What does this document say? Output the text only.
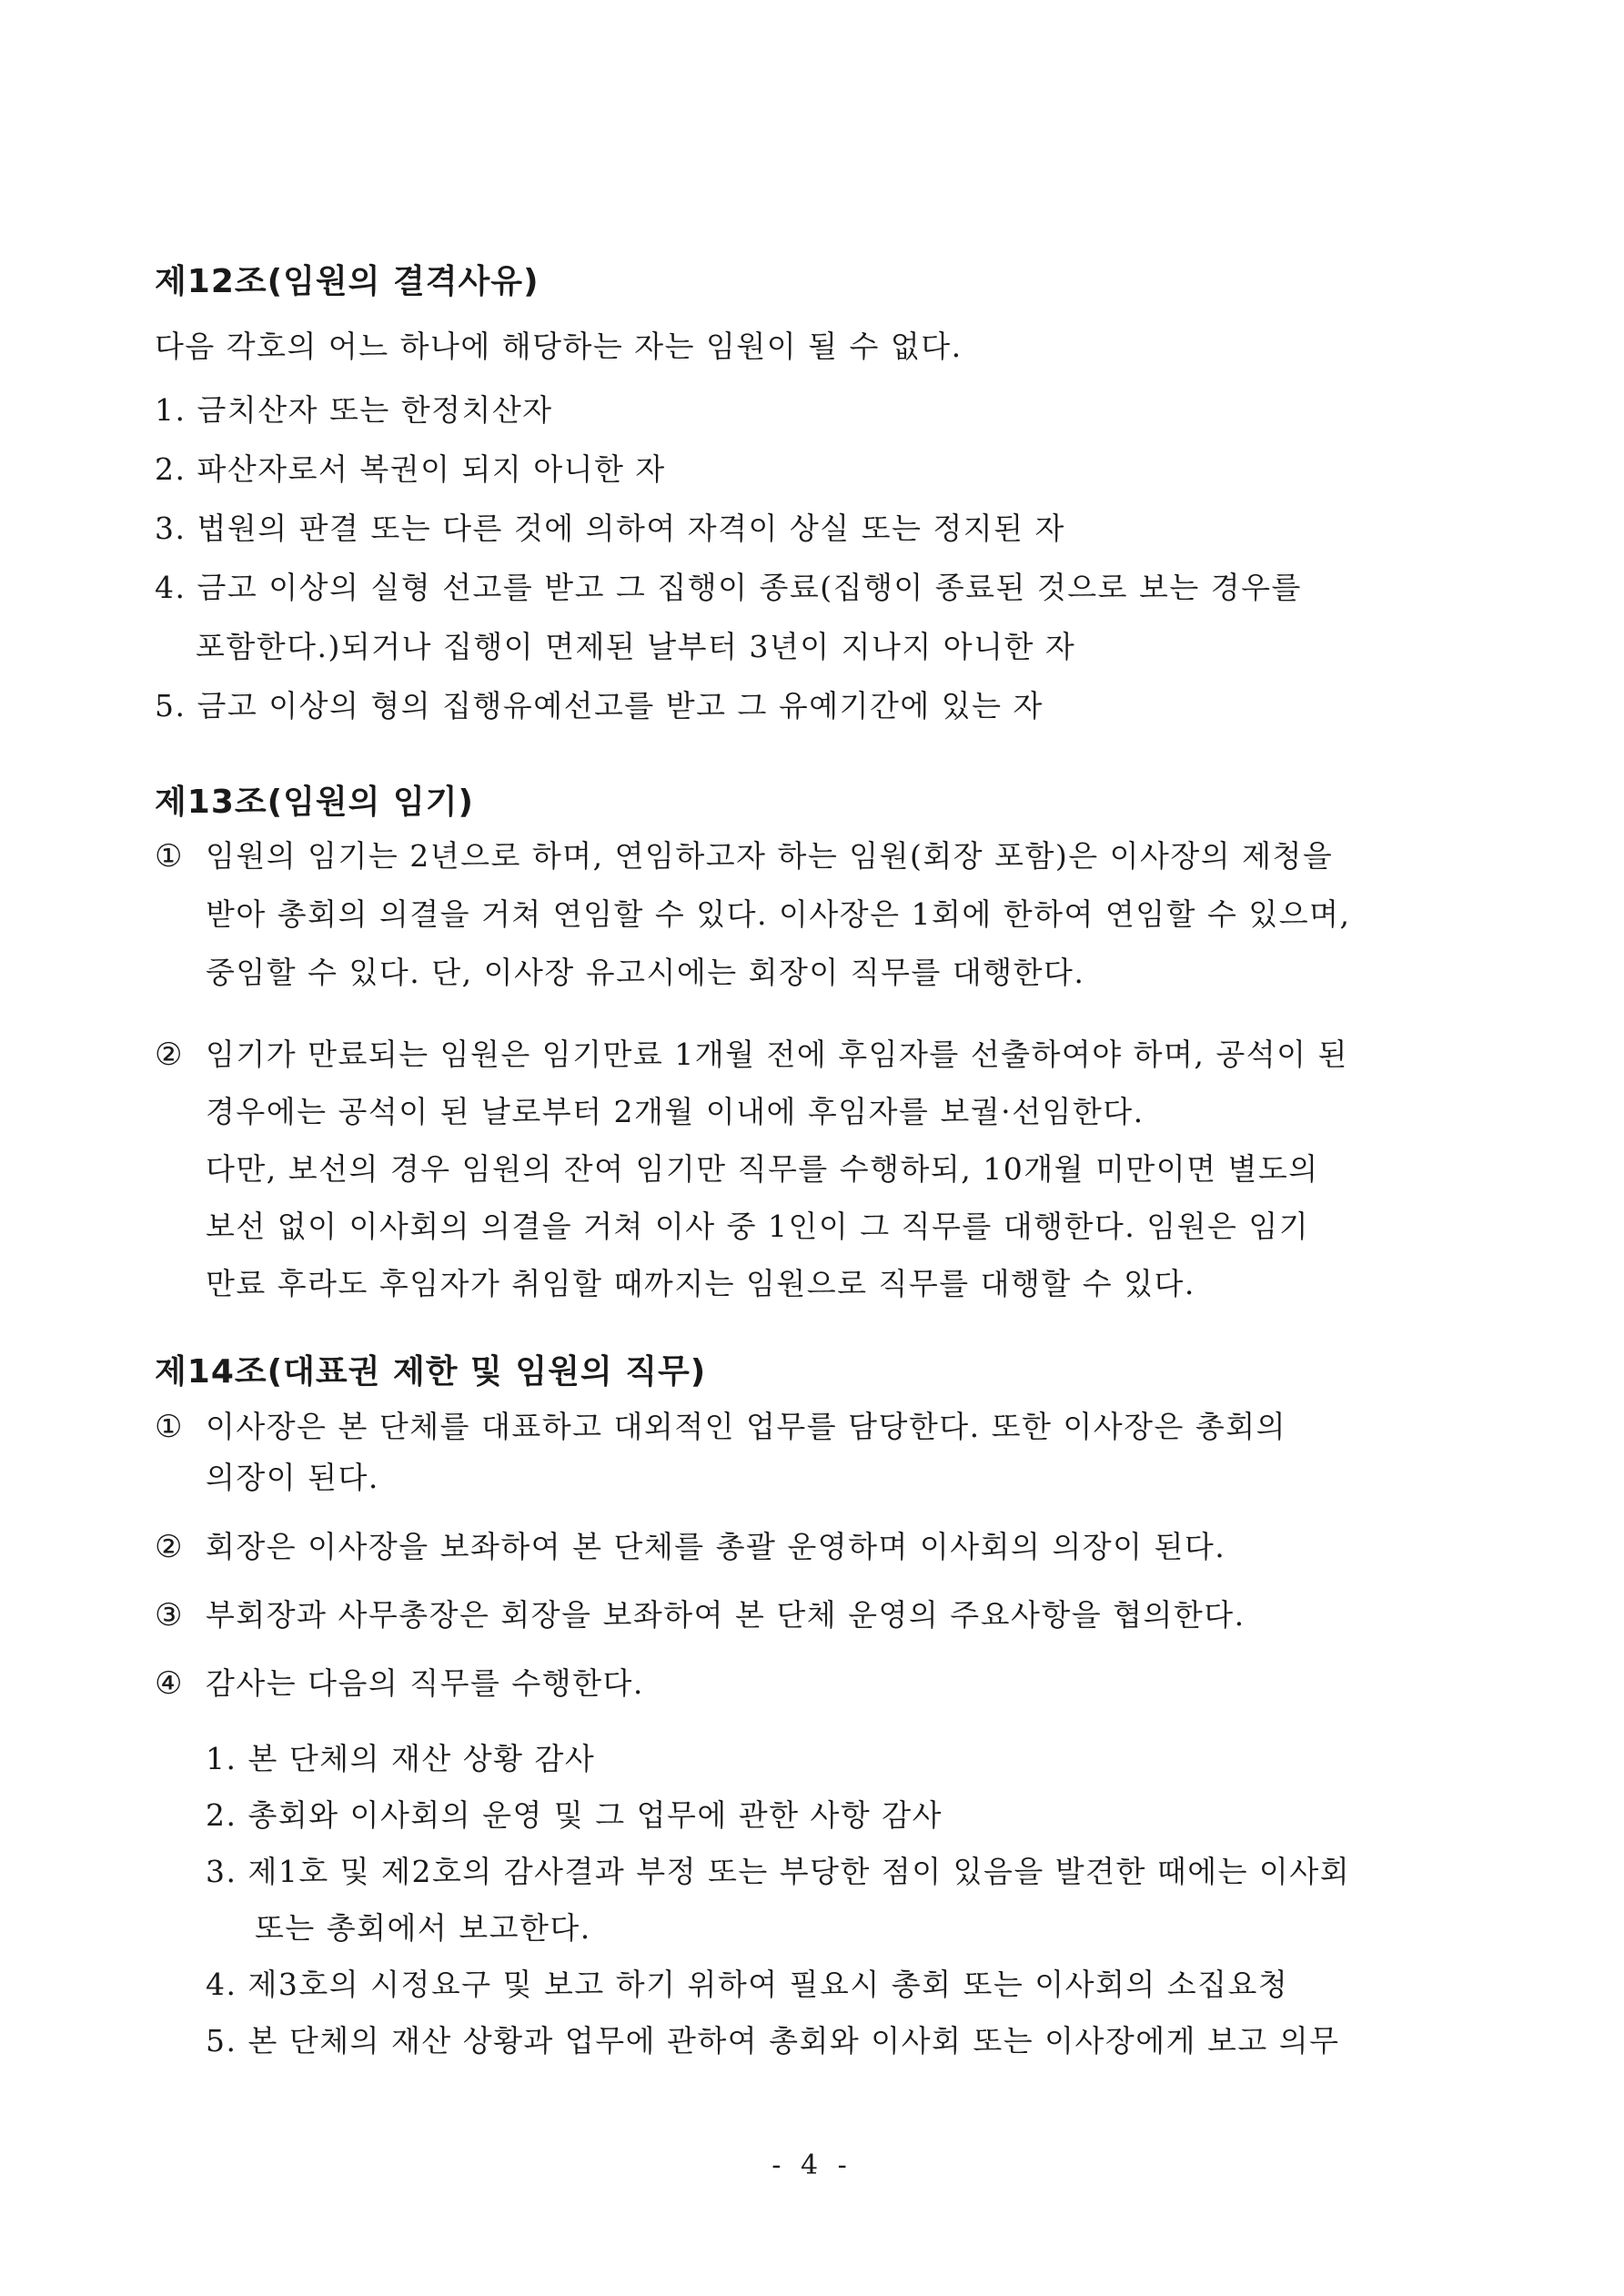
제12조(임원의 결격사유)
다음 각호의 어느 하나에 해당하는 자는 임원이 될 수 없다.
1. 금치산자 또는 한정치산자
2. 파산자로서 복권이 되지 아니한 자
3. 법원의 판결 또는 다른 것에 의하여 자격이 상실 또는 정지된 자
4. 금고 이상의 실형 선고를 받고 그 집행이 종료(집행이 종료된 것으로 보는 경우를
포함한다.)되거나 집행이 면제된 날부터 3년이 지나지 아니한 자
5. 금고 이상의 형의 집행유예선고를 받고 그 유예기간에 있는 자
제13조(임원의 임기)
① 임원의 임기는 2년으로 하며, 연임하고자 하는 임원(회장 포함)은 이사장의 제청을
받아 총회의 의결을 거쳐 연임할 수 있다. 이사장은 1회에 한하여 연임할 수 있으며,
중임할 수 있다. 단, 이사장 유고시에는 회장이 직무를 대행한다.
② 임기가 만료되는 임원은 임기만료 1개월 전에 후임자를 선출하여야 하며, 공석이 된
경우에는 공석이 된 날로부터 2개월 이내에 후임자를 보궐·선임한다.
다만, 보선의 경우 임원의 잔여 임기만 직무를 수행하되, 10개월 미만이면 별도의
보선 없이 이사회의 의결을 거쳐 이사 중 1인이 그 직무를 대행한다. 임원은 임기
만료 후라도 후임자가 취임할 때까지는 임원으로 직무를 대행할 수 있다.
제14조(대표권 제한 및 임원의 직무)
① 이사장은 본 단체를 대표하고 대외적인 업무를 담당한다. 또한 이사장은 총회의
의장이 된다.
② 회장은 이사장을 보좌하여 본 단체를 총괄 운영하며 이사회의 의장이 된다.
③ 부회장과 사무총장은 회장을 보좌하여 본 단체 운영의 주요사항을 협의한다.
④ 감사는 다음의 직무를 수행한다.
1. 본 단체의 재산 상황 감사
2. 총회와 이사회의 운영 및 그 업무에 관한 사항 감사
3. 제1호 및 제2호의 감사결과 부정 또는 부당한 점이 있음을 발견한 때에는 이사회
또는 총회에서 보고한다.
4. 제3호의 시정요구 및 보고 하기 위하여 필요시 총회 또는 이사회의 소집요청
5. 본 단체의 재산 상황과 업무에 관하여 총회와 이사회 또는 이사장에게 보고 의무
- 4 -
